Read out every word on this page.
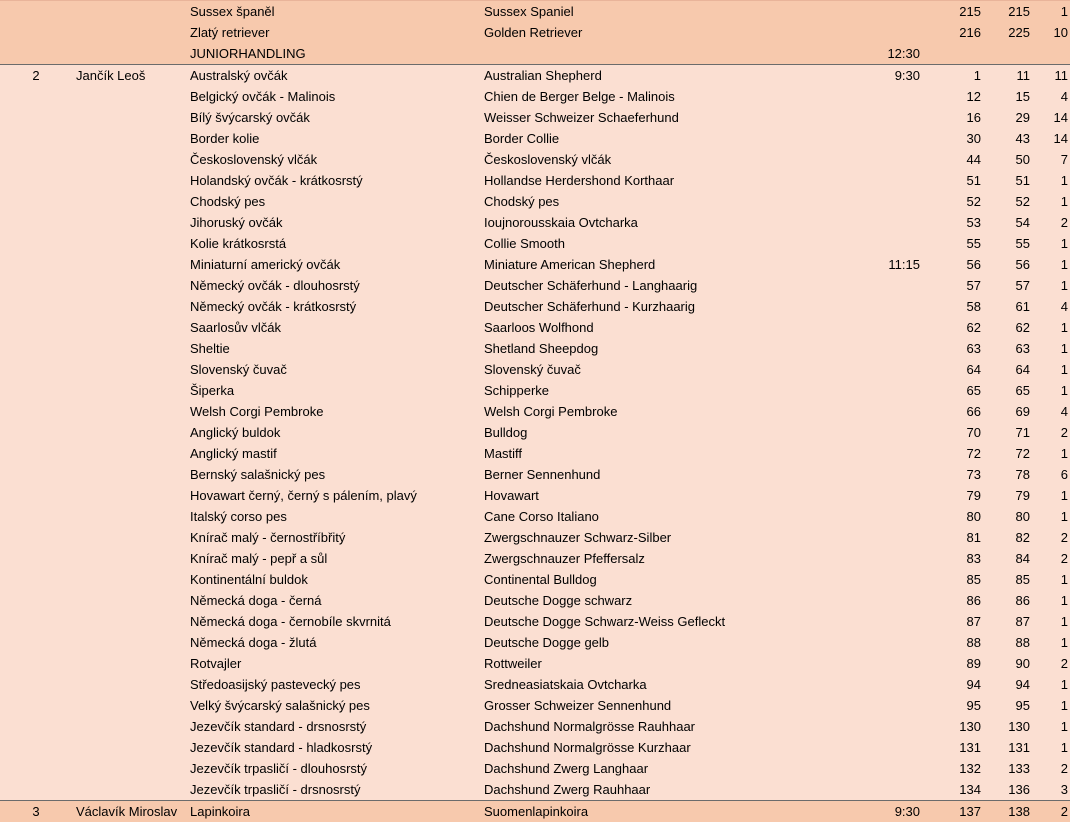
		Sussex španěl	Sussex Spaniel		215	215	1
		Zlatý retriever	Golden Retriever		216	225	10
		JUNIORHANDLING		12:30			
2	Jančík Leoš	Australský ovčák	Australian Shepherd	9:30	1	11	11
		Belgický ovčák - Malinois	Chien de Berger Belge - Malinois		12	15	4
		Bílý švýcarský ovčák	Weisser Schweizer Schaeferhund		16	29	14
		Border kolie	Border Collie		30	43	14
		Československý vlčák	Československý vlčák		44	50	7
		Holandský ovčák - krátkosrstý	Hollandse Herdershond Korthaar		51	51	1
		Chodský pes	Chodský pes		52	52	1
		Jihoruský ovčák	Ioujnorousskaia Ovtcharka		53	54	2
		Kolie krátkosrstá	Collie Smooth		55	55	1
		Miniaturní americký ovčák	Miniature American Shepherd	11:15	56	56	1
		Německý ovčák - dlouhosrstý	Deutscher Schäferhund - Langhaarig		57	57	1
		Německý ovčák - krátkosrstý	Deutscher Schäferhund - Kurzhaarig		58	61	4
		Saarlosův vlčák	Saarloos Wolfhond		62	62	1
		Sheltie	Shetland Sheepdog		63	63	1
		Slovenský čuvač	Slovenský čuvač		64	64	1
		Šiperka	Schipperke		65	65	1
		Welsh Corgi Pembroke	Welsh Corgi Pembroke		66	69	4
		Anglický buldok	Bulldog		70	71	2
		Anglický mastif	Mastiff		72	72	1
		Bernský salašnický pes	Berner Sennenhund		73	78	6
		Hovawart černý, černý s pálením, plavý	Hovawart		79	79	1
		Italský corso pes	Cane Corso Italiano		80	80	1
		Knírač malý - černostříbřitý	Zwergschnauzer Schwarz-Silber		81	82	2
		Knírač malý - pepř a sůl	Zwergschnauzer Pfeffersalz		83	84	2
		Kontinentální buldok	Continental Bulldog		85	85	1
		Německá doga - černá	Deutsche Dogge schwarz		86	86	1
		Německá doga - černobíle skvrnitá	Deutsche Dogge Schwarz-Weiss Gefleckt		87	87	1
		Německá doga - žlutá	Deutsche Dogge gelb		88	88	1
		Rotvajler	Rottweiler		89	90	2
		Středoasijský pastevecký pes	Sredneasiatskaia Ovtcharka		94	94	1
		Velký švýcarský salašnický pes	Grosser Schweizer Sennenhund		95	95	1
		Jezevčík standard - drsnosrstý	Dachshund Normalgrösse Rauhhaar		130	130	1
		Jezevčík standard - hladkosrstý	Dachshund Normalgrösse Kurzhaar		131	131	1
		Jezevčík trpasličí - dlouhosrstý	Dachshund Zwerg Langhaar		132	133	2
		Jezevčík trpasličí - drsnosrstý	Dachshund Zwerg Rauhhaar		134	136	3
3	Václavík Miroslav	Lapinkoira	Suomenlapinkoira	9:30	137	138	2
